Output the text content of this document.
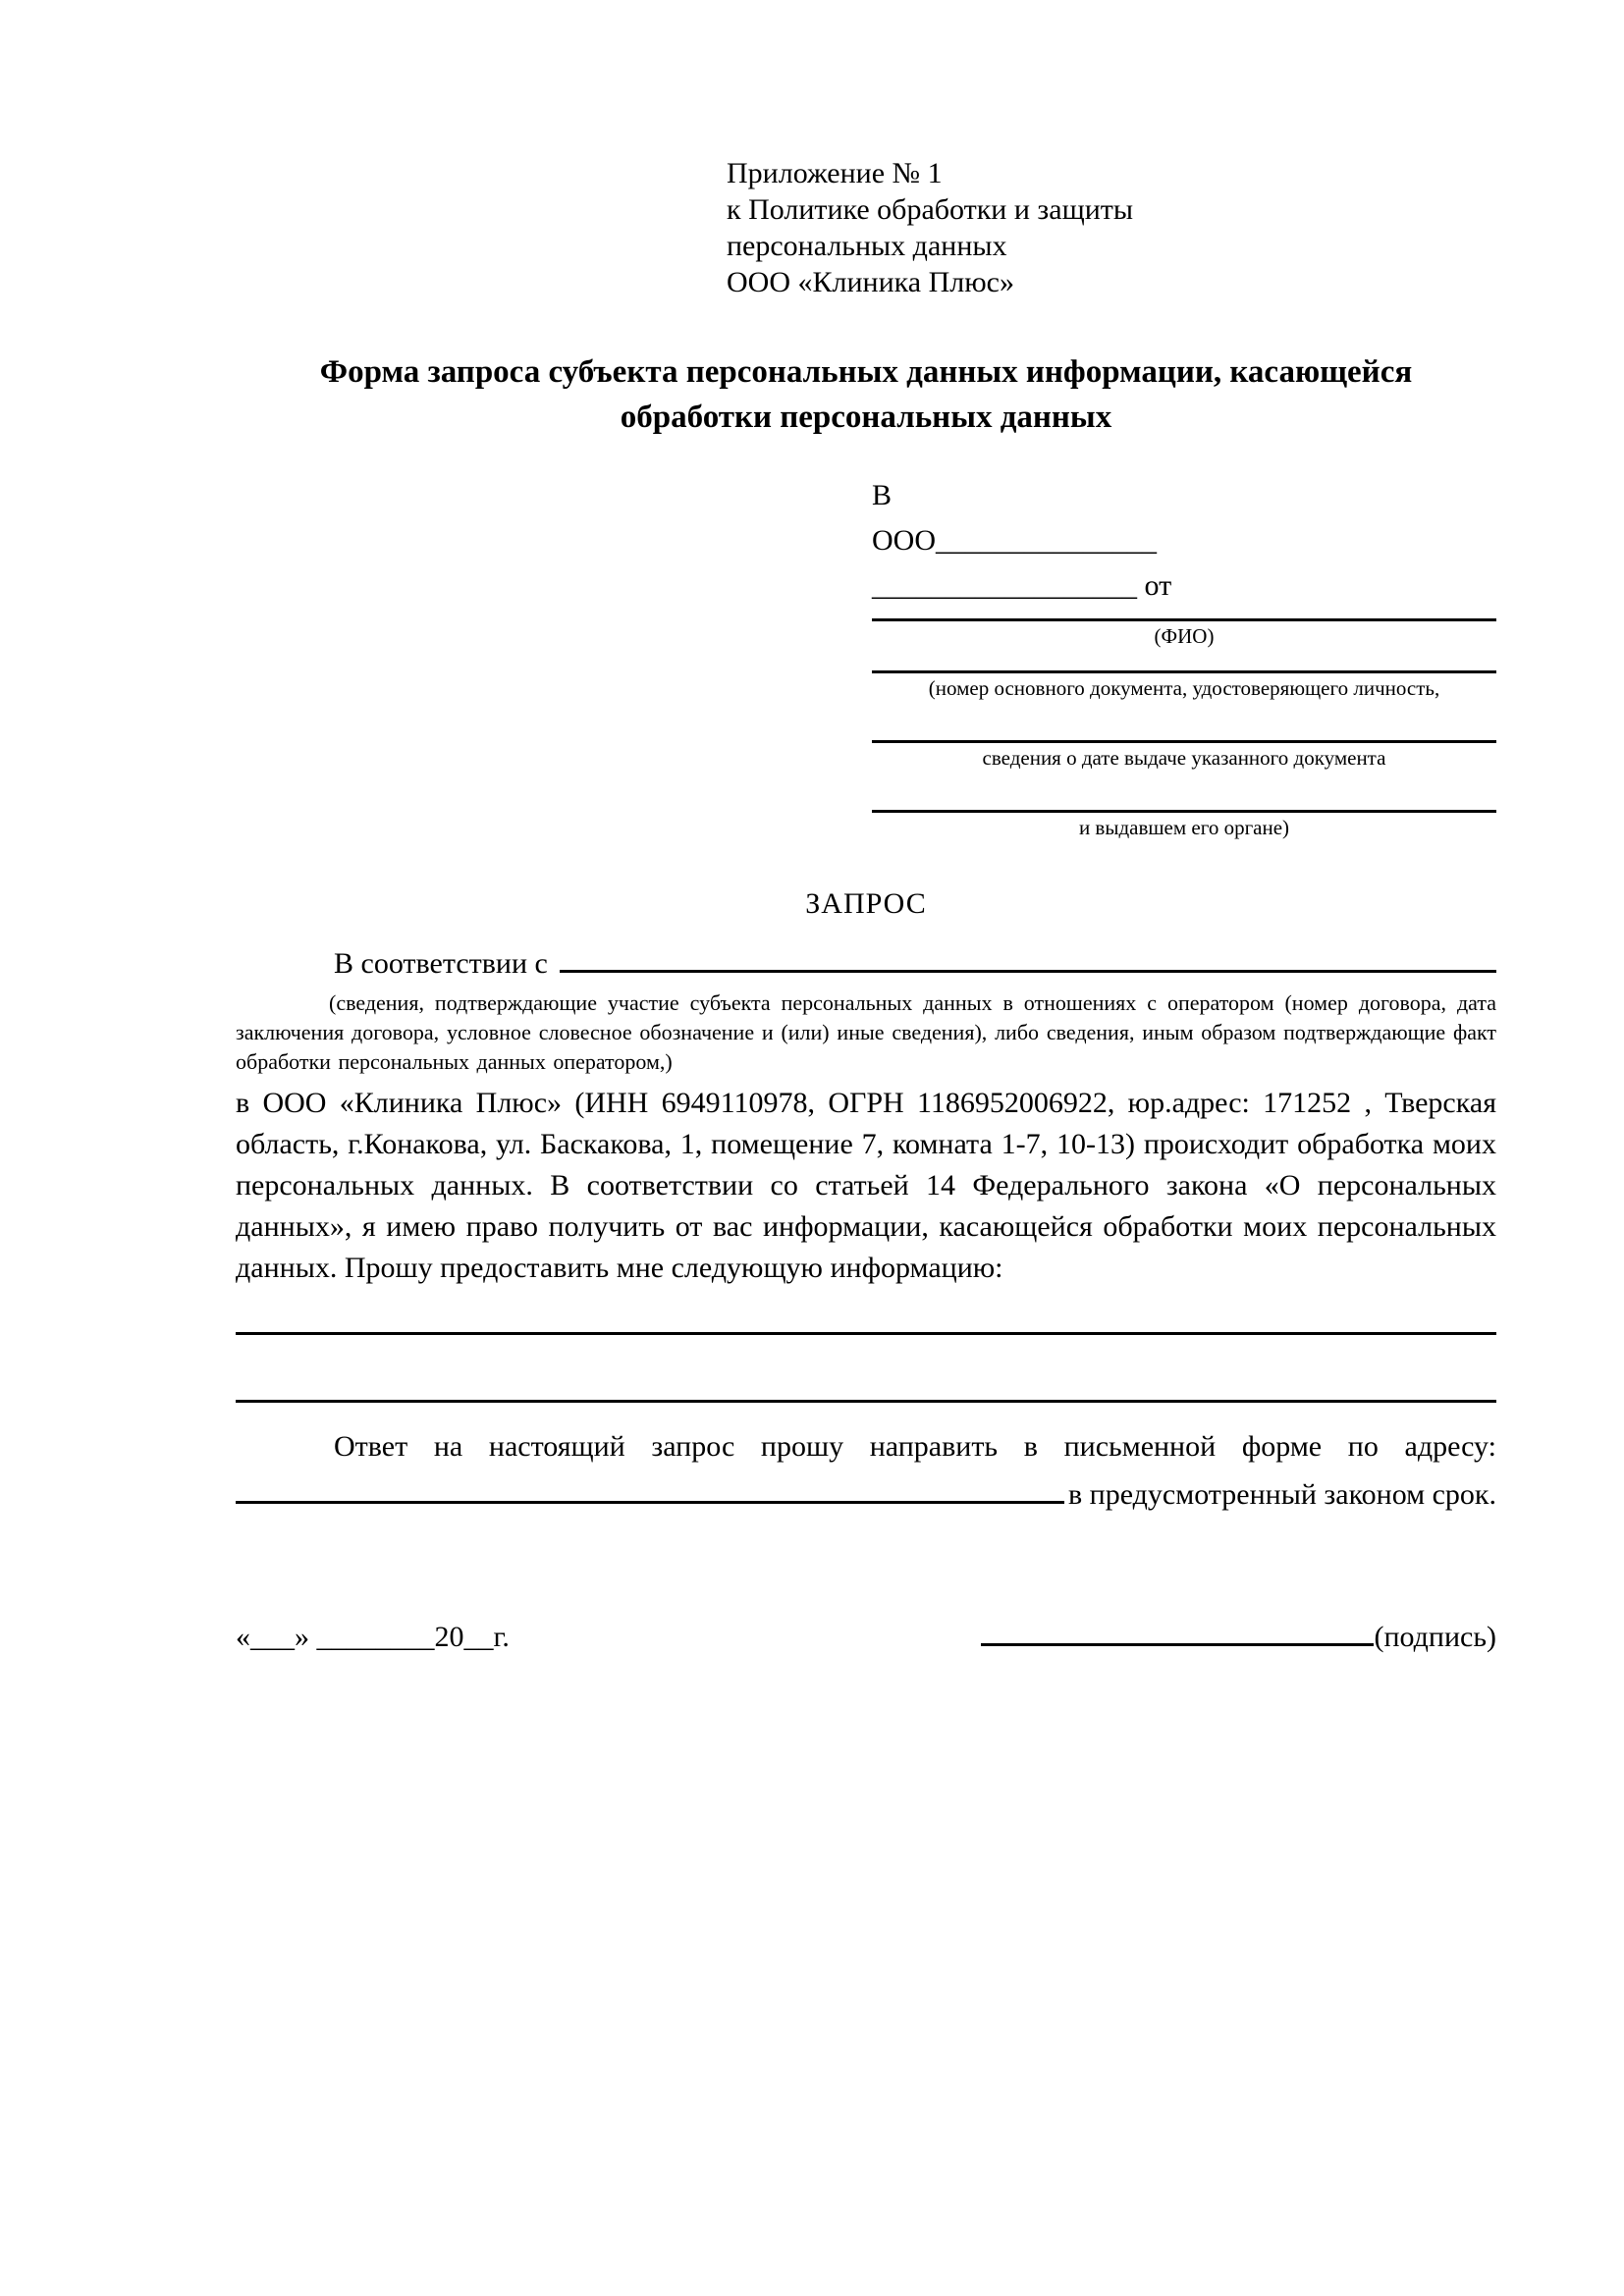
Приложение № 1
к Политике обработки и защиты
персональных данных
ООО «Клиника Плюс»
Форма запроса субъекта персональных данных информации, касающейся обработки персональных данных
В
ООО_______________
__________________ от
(ФИО)
(номер основного документа, удостоверяющего личность,
сведения о дате выдаче указанного документа
и выдавшем его органе)
ЗАПРОС
В соответствии с
(сведения, подтверждающие участие субъекта персональных данных в отношениях с оператором (номер договора, дата заключения договора, условное словесное обозначение и (или) иные сведения), либо сведения, иным образом подтверждающие факт обработки персональных данных оператором,)
в ООО «Клиника Плюс» (ИНН 6949110978, ОГРН 1186952006922, юр.адрес: 171252 , Тверская область, г.Конакова, ул. Баскакова, 1, помещение 7, комната 1-7, 10-13) происходит обработка моих персональных данных. В соответствии со статьей 14 Федерального закона «О персональных данных», я имею право получить от вас информации, касающейся обработки моих персональных данных. Прошу предоставить мне следующую информацию:
Ответ на настоящий запрос прошу направить в письменной форме по адресу:
в предусмотренный законом срок.
«___» ________20__г.	(подпись)
